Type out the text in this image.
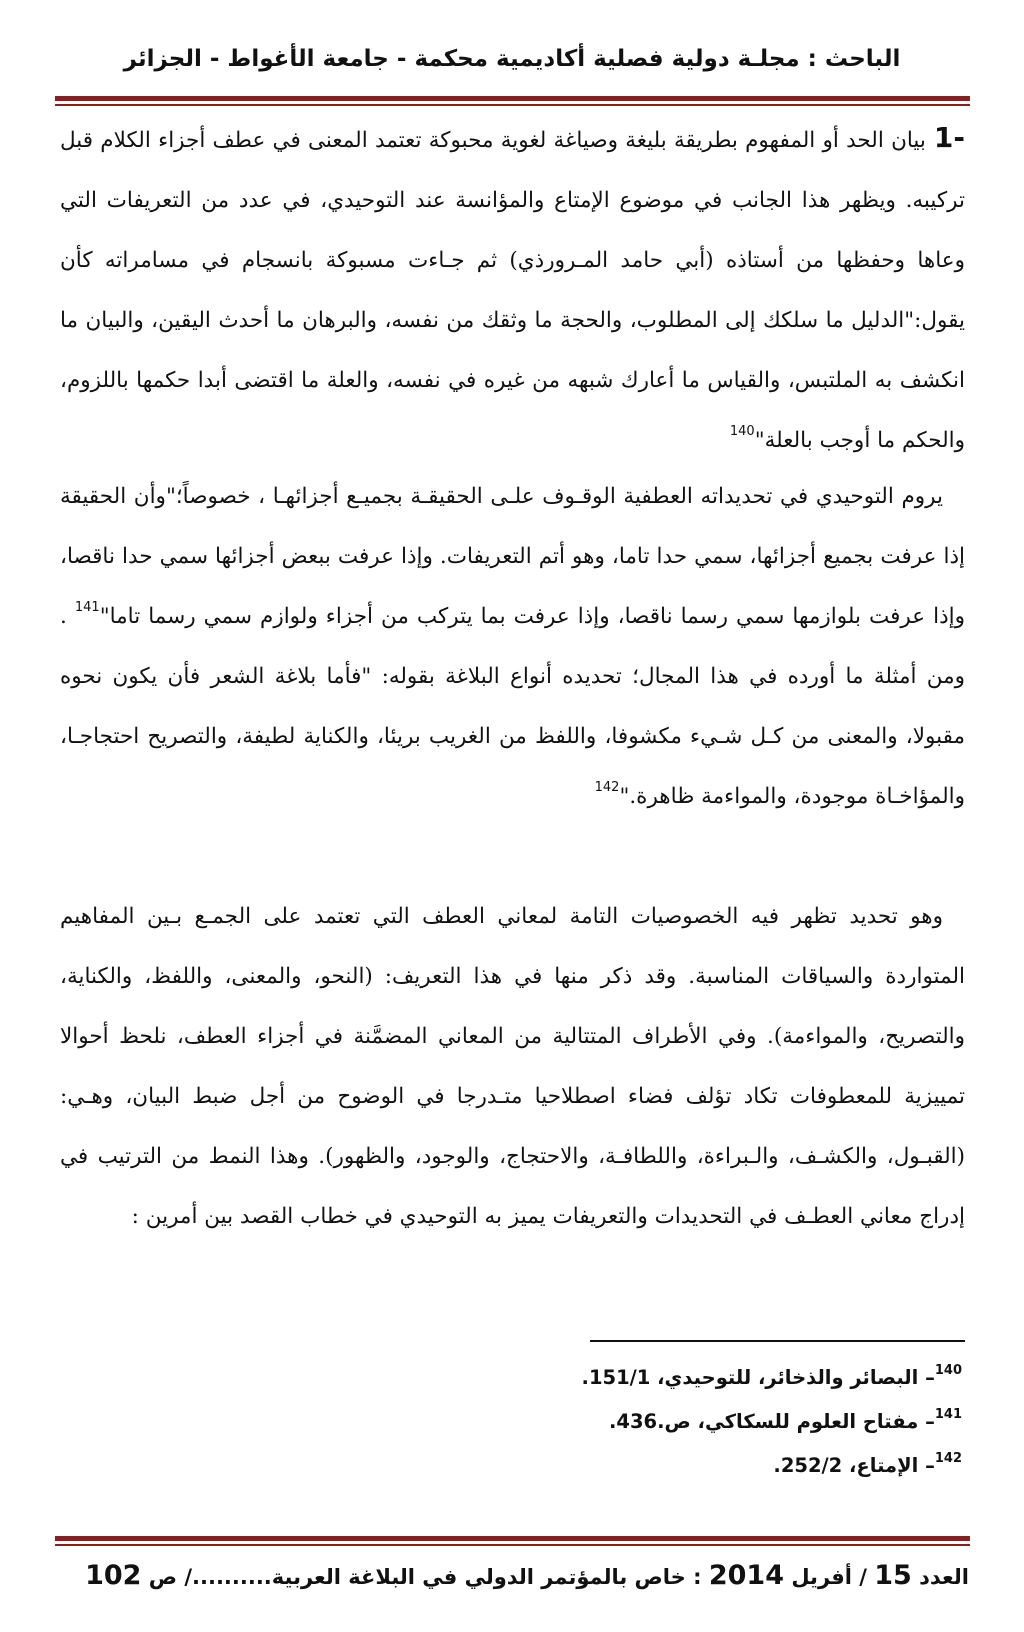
الباحث : مجلـة دولية فصلية أكاديمية محكمة - جامعة الأغواط - الجزائر

1-بيان الحد أو المفهوم بطريقة بليغة وصياغة لغوية محبوكة تعتمد المعنى في عطف أجزاء الكلام قبل تركيبه. ويظهر هذا الجانب في موضوع الإمتاع والمؤانسة عند التوحيدي، في عدد من التعريفات التي وعاها وحفظها من أستاذه (أبي حامد المـرورذي) ثم جـاءت مسبوكة بانسجام في مسامراته كأن يقول:"الدليل ما سلكك إلى المطلوب، والحجة ما وثقك من نفسه، والبرهان ما أحدث اليقين، والبيان ما انكشف به الملتبس، والقياس ما أعارك شبهه من غيره في نفسه، والعلة ما اقتضى أبدا حكمها باللزوم، والحكم ما أوجب بالعلة"$^{140}$

يروم التوحيدي في تحديداته العطفية الوقـوف علـى الحقيقـة بجميـع أجزائهـا ، خصوصاً؛"وأن الحقيقة إذا عرفت بجميع أجزائها، سمي حدا تاما، وهو أتم التعريفات. وإذا عرفت ببعض أجزائها سمي حدا ناقصا، وإذا عرفت بلوازمها سمي رسما ناقصا، وإذا عرفت بما يتركب من أجزاء ولوازم سمي رسما تاما"$^{141}$ . ومن أمثلة ما أورده في هذا المجال؛ تحديده أنواع البلاغة بقوله: "فأما بلاغة الشعر فأن يكون نحوه مقبولا، والمعنى من كـل شـيء مكشوفا، واللفظ من الغريب بريئا، والكناية لطيفة، والتصريح احتجاجـا، والمؤاخـاة موجودة، والمواءمة ظاهرة."$^{142}$

وهو تحديد تظهر فيه الخصوصيات التامة لمعاني العطف التي تعتمد على الجمـع بـين المفاهيم المتواردة والسياقات المناسبة. وقد ذكر منها في هذا التعريف: (النحو، والمعنى، واللفظ، والكناية، والتصريح، والمواءمة). وفي الأطراف المتتالية من المعاني المضمَّنة في أجزاء العطف، نلحظ أحوالا تمييزية للمعطوفات تكاد تؤلف فضاء اصطلاحيا متـدرجا في الوضوح من أجل ضبط البيان، وهـي: (القبـول، والكشـف، والـبراءة، واللطافـة، والاحتجاج، والوجود، والظهور). وهذا النمط من الترتيب في إدراج معاني العطـف في التحديدات والتعريفات يميز به التوحيدي في خطاب القصد بين أمرين :

$^{140}$– البصائر والذخائر، للتوحيدي، 151/1.
$^{141}$– مفتاح العلوم للسكاكي، ص.436.
$^{142}$– الإمتاع، 252/2.
العدد 15 / أفريل 2014 : خاص بالمؤتمر الدولي في البلاغة العربية........../ ص 102
